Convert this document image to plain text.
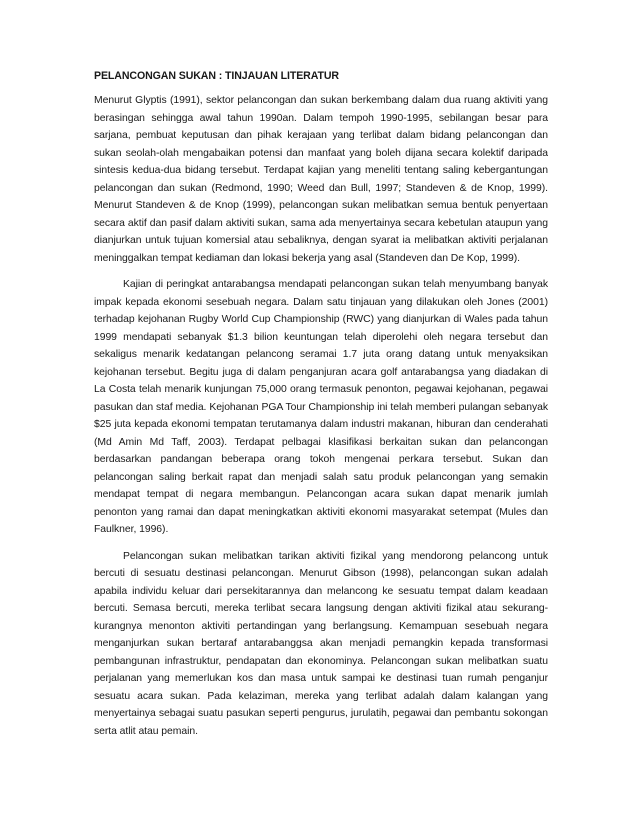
PELANCONGAN SUKAN : TINJAUAN LITERATUR

Menurut Glyptis (1991), sektor pelancongan dan sukan berkembang dalam dua ruang aktiviti yang berasingan sehingga awal tahun 1990an. Dalam tempoh 1990-1995, sebilangan besar para sarjana, pembuat keputusan dan pihak kerajaan yang terlibat dalam bidang pelancongan dan sukan seolah-olah mengabaikan potensi dan manfaat yang boleh dijana secara kolektif daripada sintesis kedua-dua bidang tersebut. Terdapat kajian yang meneliti tentang saling kebergantungan pelancongan dan sukan (Redmond, 1990; Weed dan Bull, 1997; Standeven & de Knop, 1999). Menurut Standeven & de Knop (1999), pelancongan sukan melibatkan semua bentuk penyertaan secara aktif dan pasif dalam aktiviti sukan, sama ada menyertainya secara kebetulan ataupun yang dianjurkan untuk tujuan komersial atau sebaliknya, dengan syarat ia melibatkan aktiviti perjalanan meninggalkan tempat kediaman dan lokasi bekerja yang asal (Standeven dan De Kop, 1999).

Kajian di peringkat antarabangsa mendapati pelancongan sukan telah menyumbang banyak impak kepada ekonomi sesebuah negara. Dalam satu tinjauan yang dilakukan oleh Jones (2001) terhadap kejohanan Rugby World Cup Championship (RWC) yang dianjurkan di Wales pada tahun 1999 mendapati sebanyak $1.3 bilion keuntungan telah diperolehi oleh negara tersebut dan sekaligus menarik kedatangan pelancong seramai 1.7 juta orang datang untuk menyaksikan kejohanan tersebut. Begitu juga di dalam penganjuran acara golf antarabangsa yang diadakan di La Costa telah menarik kunjungan 75,000 orang termasuk penonton, pegawai kejohanan, pegawai pasukan dan staf media. Kejohanan PGA Tour Championship ini telah memberi pulangan sebanyak $25 juta kepada ekonomi tempatan terutamanya dalam industri makanan, hiburan dan cenderahati (Md Amin Md Taff, 2003). Terdapat pelbagai klasifikasi berkaitan sukan dan pelancongan berdasarkan pandangan beberapa orang tokoh mengenai perkara tersebut. Sukan dan pelancongan saling berkait rapat dan menjadi salah satu produk pelancongan yang semakin mendapat tempat di negara membangun. Pelancongan acara sukan dapat menarik jumlah penonton yang ramai dan dapat meningkatkan aktiviti ekonomi masyarakat setempat (Mules dan Faulkner, 1996).

Pelancongan sukan melibatkan tarikan aktiviti fizikal yang mendorong pelancong untuk bercuti di sesuatu destinasi pelancongan. Menurut Gibson (1998), pelancongan sukan adalah apabila individu keluar dari persekitarannya dan melancong ke sesuatu tempat dalam keadaan bercuti. Semasa bercuti, mereka terlibat secara langsung dengan aktiviti fizikal atau sekurang-kurangnya menonton aktiviti pertandingan yang berlangsung. Kemampuan sesebuah negara menganjurkan sukan bertaraf antarabanggsa akan menjadi pemangkin kepada transformasi pembangunan infrastruktur, pendapatan dan ekonominya. Pelancongan sukan melibatkan suatu perjalanan yang memerlukan kos dan masa untuk sampai ke destinasi tuan rumah penganjur sesuatu acara sukan. Pada kelaziman, mereka yang terlibat adalah dalam kalangan yang menyertainya sebagai suatu pasukan seperti pengurus, jurulatih, pegawai dan pembantu sokongan serta atlit atau pemain.
